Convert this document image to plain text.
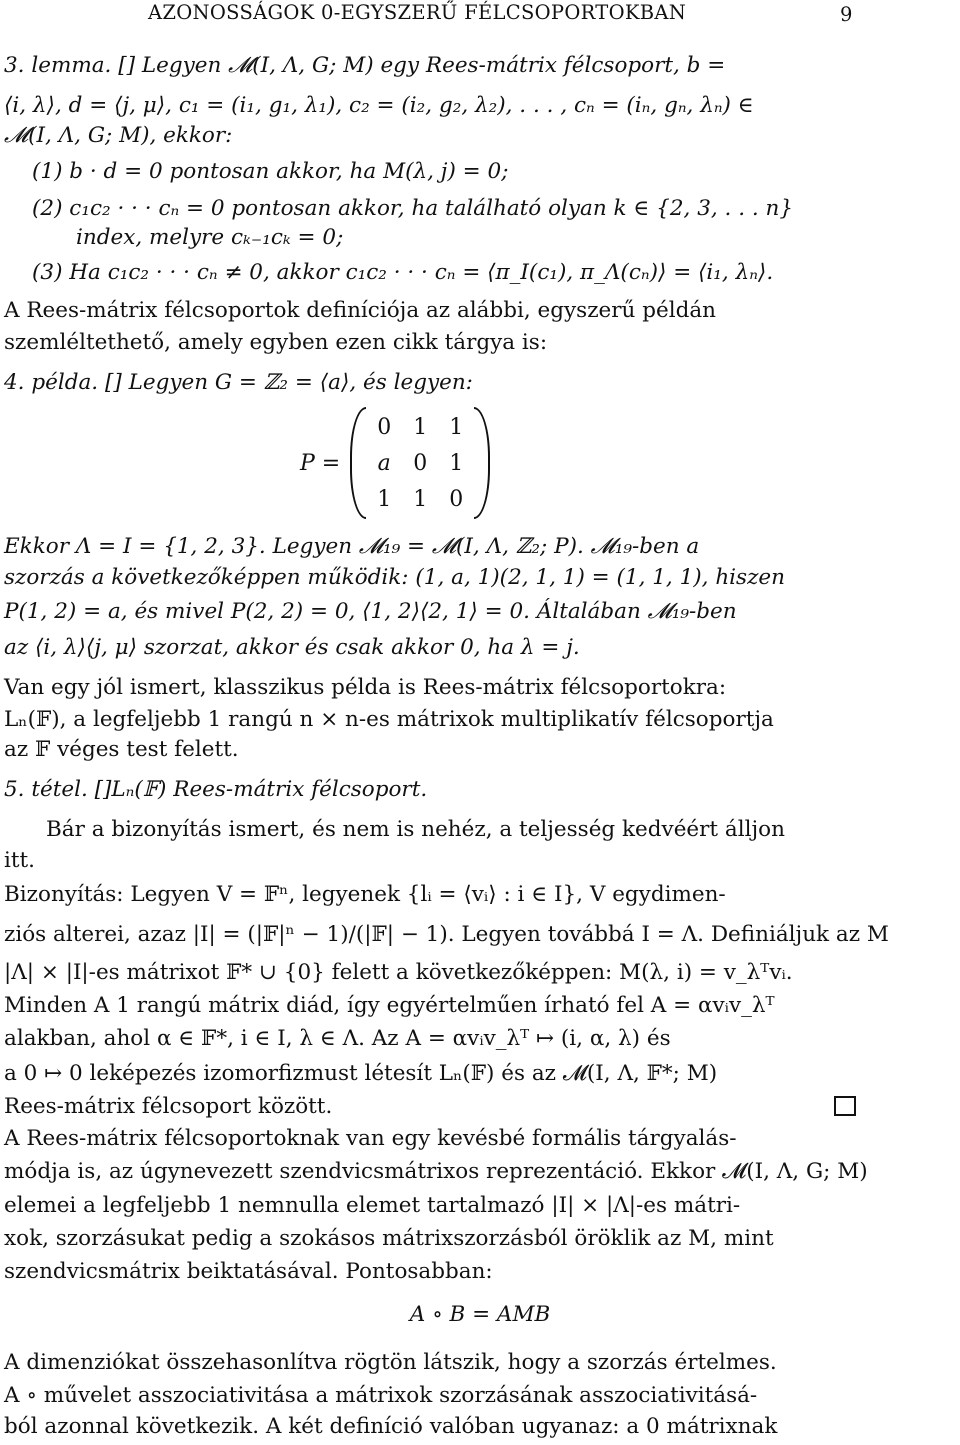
AZONOSSÁGOK 0-EGYSZERŰ FÉLCSOPORTOKBAN	9
3. lemma. [] Legyen 𝓜(I, Λ, G; M) egy Rees-mátrix félcsoport, b =
⟨i, λ⟩, d = ⟨j, μ⟩, c₁ = (i₁, g₁, λ₁), c₂ = (i₂, g₂, λ₂), . . . , cₙ = (iₙ, gₙ, λₙ) ∈
𝓜(I, Λ, G; M), ekkor:
(1) b · d = 0 pontosan akkor, ha M(λ, j) = 0;
(2) c₁c₂ · · · cₙ = 0 pontosan akkor, ha található olyan k ∈ {2, 3, . . . n}
index, melyre cₖ₋₁cₖ = 0;
(3) Ha c₁c₂ · · · cₙ ≠ 0, akkor c₁c₂ · · · cₙ = ⟨π_I(c₁), π_Λ(cₙ)⟩ = ⟨i₁, λₙ⟩.
A Rees-mátrix félcsoportok definíciója az alábbi, egyszerű példán
szemléltethető, amely egyben ezen cikk tárgya is:
4. példa. [] Legyen G = ℤ₂ = ⟨a⟩, és legyen:
P =
0 1 1
a 0 1
1 1 0
Ekkor Λ = I = {1, 2, 3}. Legyen 𝓜₁₉ = 𝓜(I, Λ, ℤ₂; P). 𝓜₁₉-ben a
szorzás a következőképpen működik: (1, a, 1)(2, 1, 1) = (1, 1, 1), hiszen
P(1, 2) = a, és mivel P(2, 2) = 0, ⟨1, 2⟩⟨2, 1⟩ = 0. Általában 𝓜₁₉-ben
az ⟨i, λ⟩⟨j, μ⟩ szorzat, akkor és csak akkor 0, ha λ = j.
Van egy jól ismert, klasszikus példa is Rees-mátrix félcsoportokra:
Lₙ(𝔽), a legfeljebb 1 rangú n × n-es mátrixok multiplikatív félcsoportja
az 𝔽 véges test felett.
5. tétel. []Lₙ(𝔽) Rees-mátrix félcsoport.
Bár a bizonyítás ismert, és nem is nehéz, a teljesség kedvéért álljon
itt.
Bizonyítás: Legyen V = 𝔽ⁿ, legyenek {lᵢ = ⟨vᵢ⟩ : i ∈ I}, V egydimen-
ziós alterei, azaz |I| = (|𝔽|ⁿ − 1)/(|𝔽| − 1). Legyen továbbá I = Λ. Definiáljuk az M
|Λ| × |I|-es mátrixot 𝔽* ∪ {0} felett a következőképpen: M(λ, i) = v_λᵀvᵢ.
Minden A 1 rangú mátrix diád, így egyértelműen írható fel A = αvᵢv_λᵀ
alakban, ahol α ∈ 𝔽*, i ∈ I, λ ∈ Λ. Az A = αvᵢv_λᵀ ↦ (i, α, λ) és
a 0 ↦ 0 leképezés izomorfizmust létesít Lₙ(𝔽) és az 𝓜(I, Λ, 𝔽*; M)
Rees-mátrix félcsoport között.
A Rees-mátrix félcsoportoknak van egy kevésbé formális tárgyalás-
módja is, az úgynevezett szendvicsmátrixos reprezentáció. Ekkor 𝓜(I, Λ, G; M)
elemei a legfeljebb 1 nemnulla elemet tartalmazó |I| × |Λ|-es mátri-
xok, szorzásukat pedig a szokásos mátrixszorzásból öröklik az M, mint
szendvicsmátrix beiktatásával. Pontosabban:
A ∘ B = AMB
A dimenziókat összehasonlítva rögtön látszik, hogy a szorzás értelmes.
A ∘ művelet asszociativitása a mátrixok szorzásának asszociativitásá-
ból azonnal következik. A két definíció valóban ugyanaz: a 0 mátrixnak
